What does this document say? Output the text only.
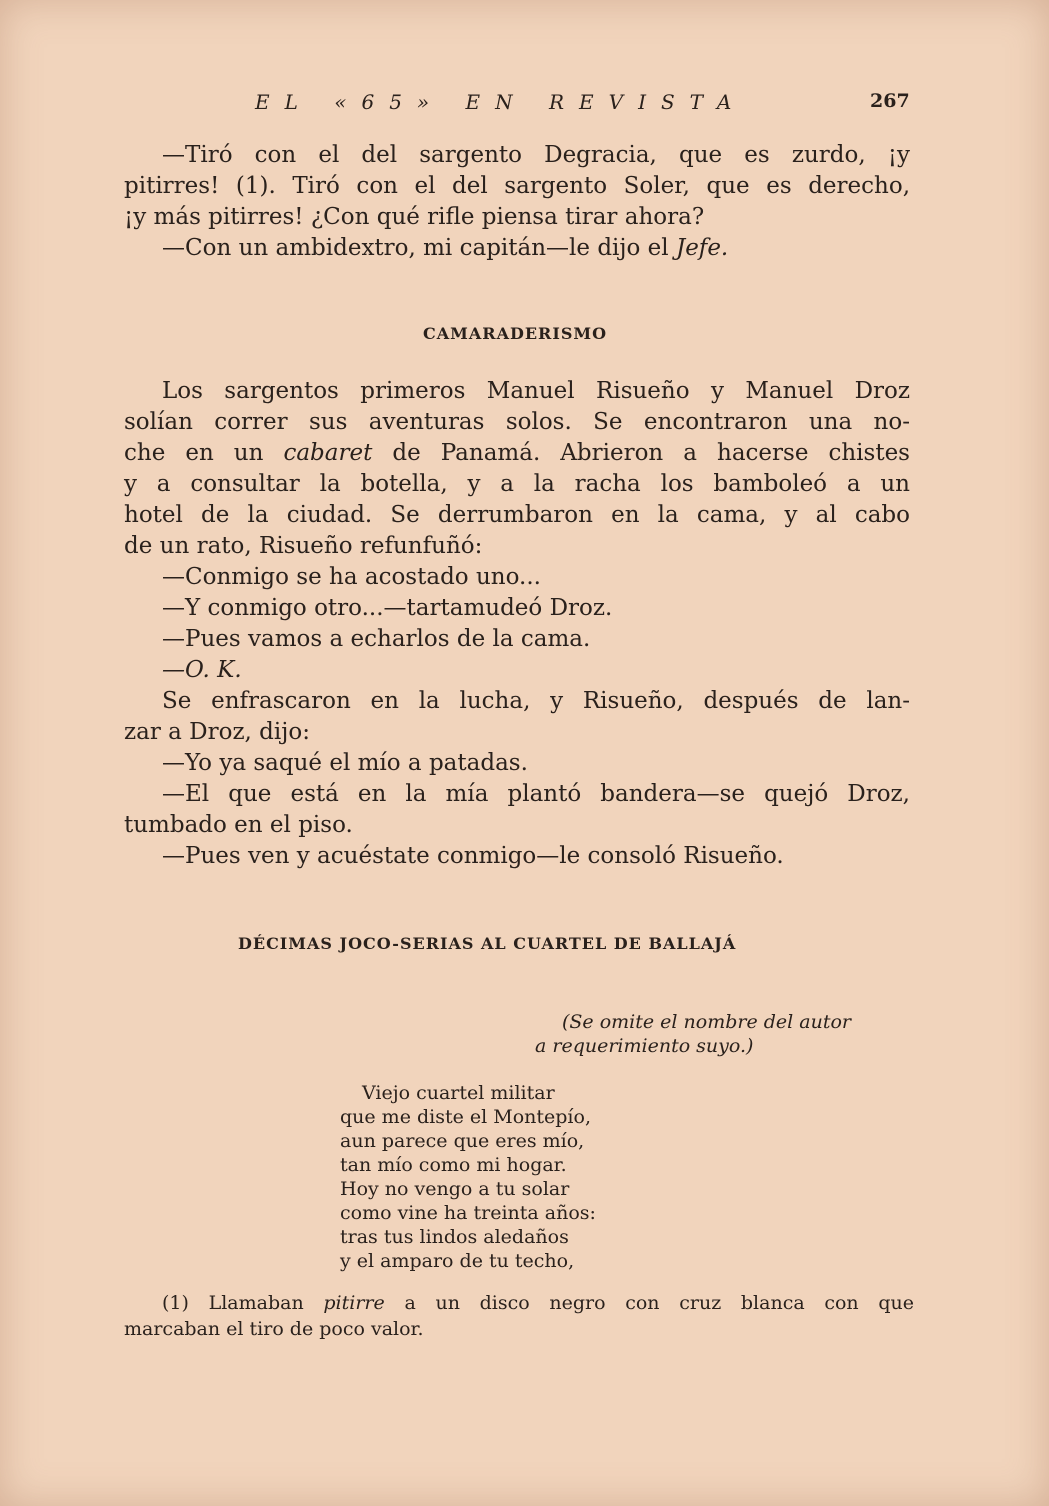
EL «65» EN REVISTA	267
—Tiró con el del sargento Degracia, que es zurdo, ¡y
pitirres! (1). Tiró con el del sargento Soler, que es derecho,
¡y más pitirres! ¿Con qué rifle piensa tirar ahora?
—Con un ambidextro, mi capitán—le dijo el Jefe.
CAMARADERISMO
Los sargentos primeros Manuel Risueño y Manuel Droz
solían correr sus aventuras solos. Se encontraron una no-
che en un cabaret de Panamá. Abrieron a hacerse chistes
y a consultar la botella, y a la racha los bamboleó a un
hotel de la ciudad. Se derrumbaron en la cama, y al cabo
de un rato, Risueño refunfuñó:
—Conmigo se ha acostado uno...
—Y conmigo otro...—tartamudeó Droz.
—Pues vamos a echarlos de la cama.
—O. K.
Se enfrascaron en la lucha, y Risueño, después de lan-
zar a Droz, dijo:
—Yo ya saqué el mío a patadas.
—El que está en la mía plantó bandera—se quejó Droz,
tumbado en el piso.
—Pues ven y acuéstate conmigo—le consoló Risueño.
DÉCIMAS JOCO-SERIAS AL CUARTEL DE BALLAJÁ
(Se omite el nombre del autor
a requerimiento suyo.)
Viejo cuartel militar
que me diste el Montepío,
aun parece que eres mío,
tan mío como mi hogar.
Hoy no vengo a tu solar
como vine ha treinta años:
tras tus lindos aledaños
y el amparo de tu techo,
(1) Llamaban pitirre a un disco negro con cruz blanca con que
marcaban el tiro de poco valor.
